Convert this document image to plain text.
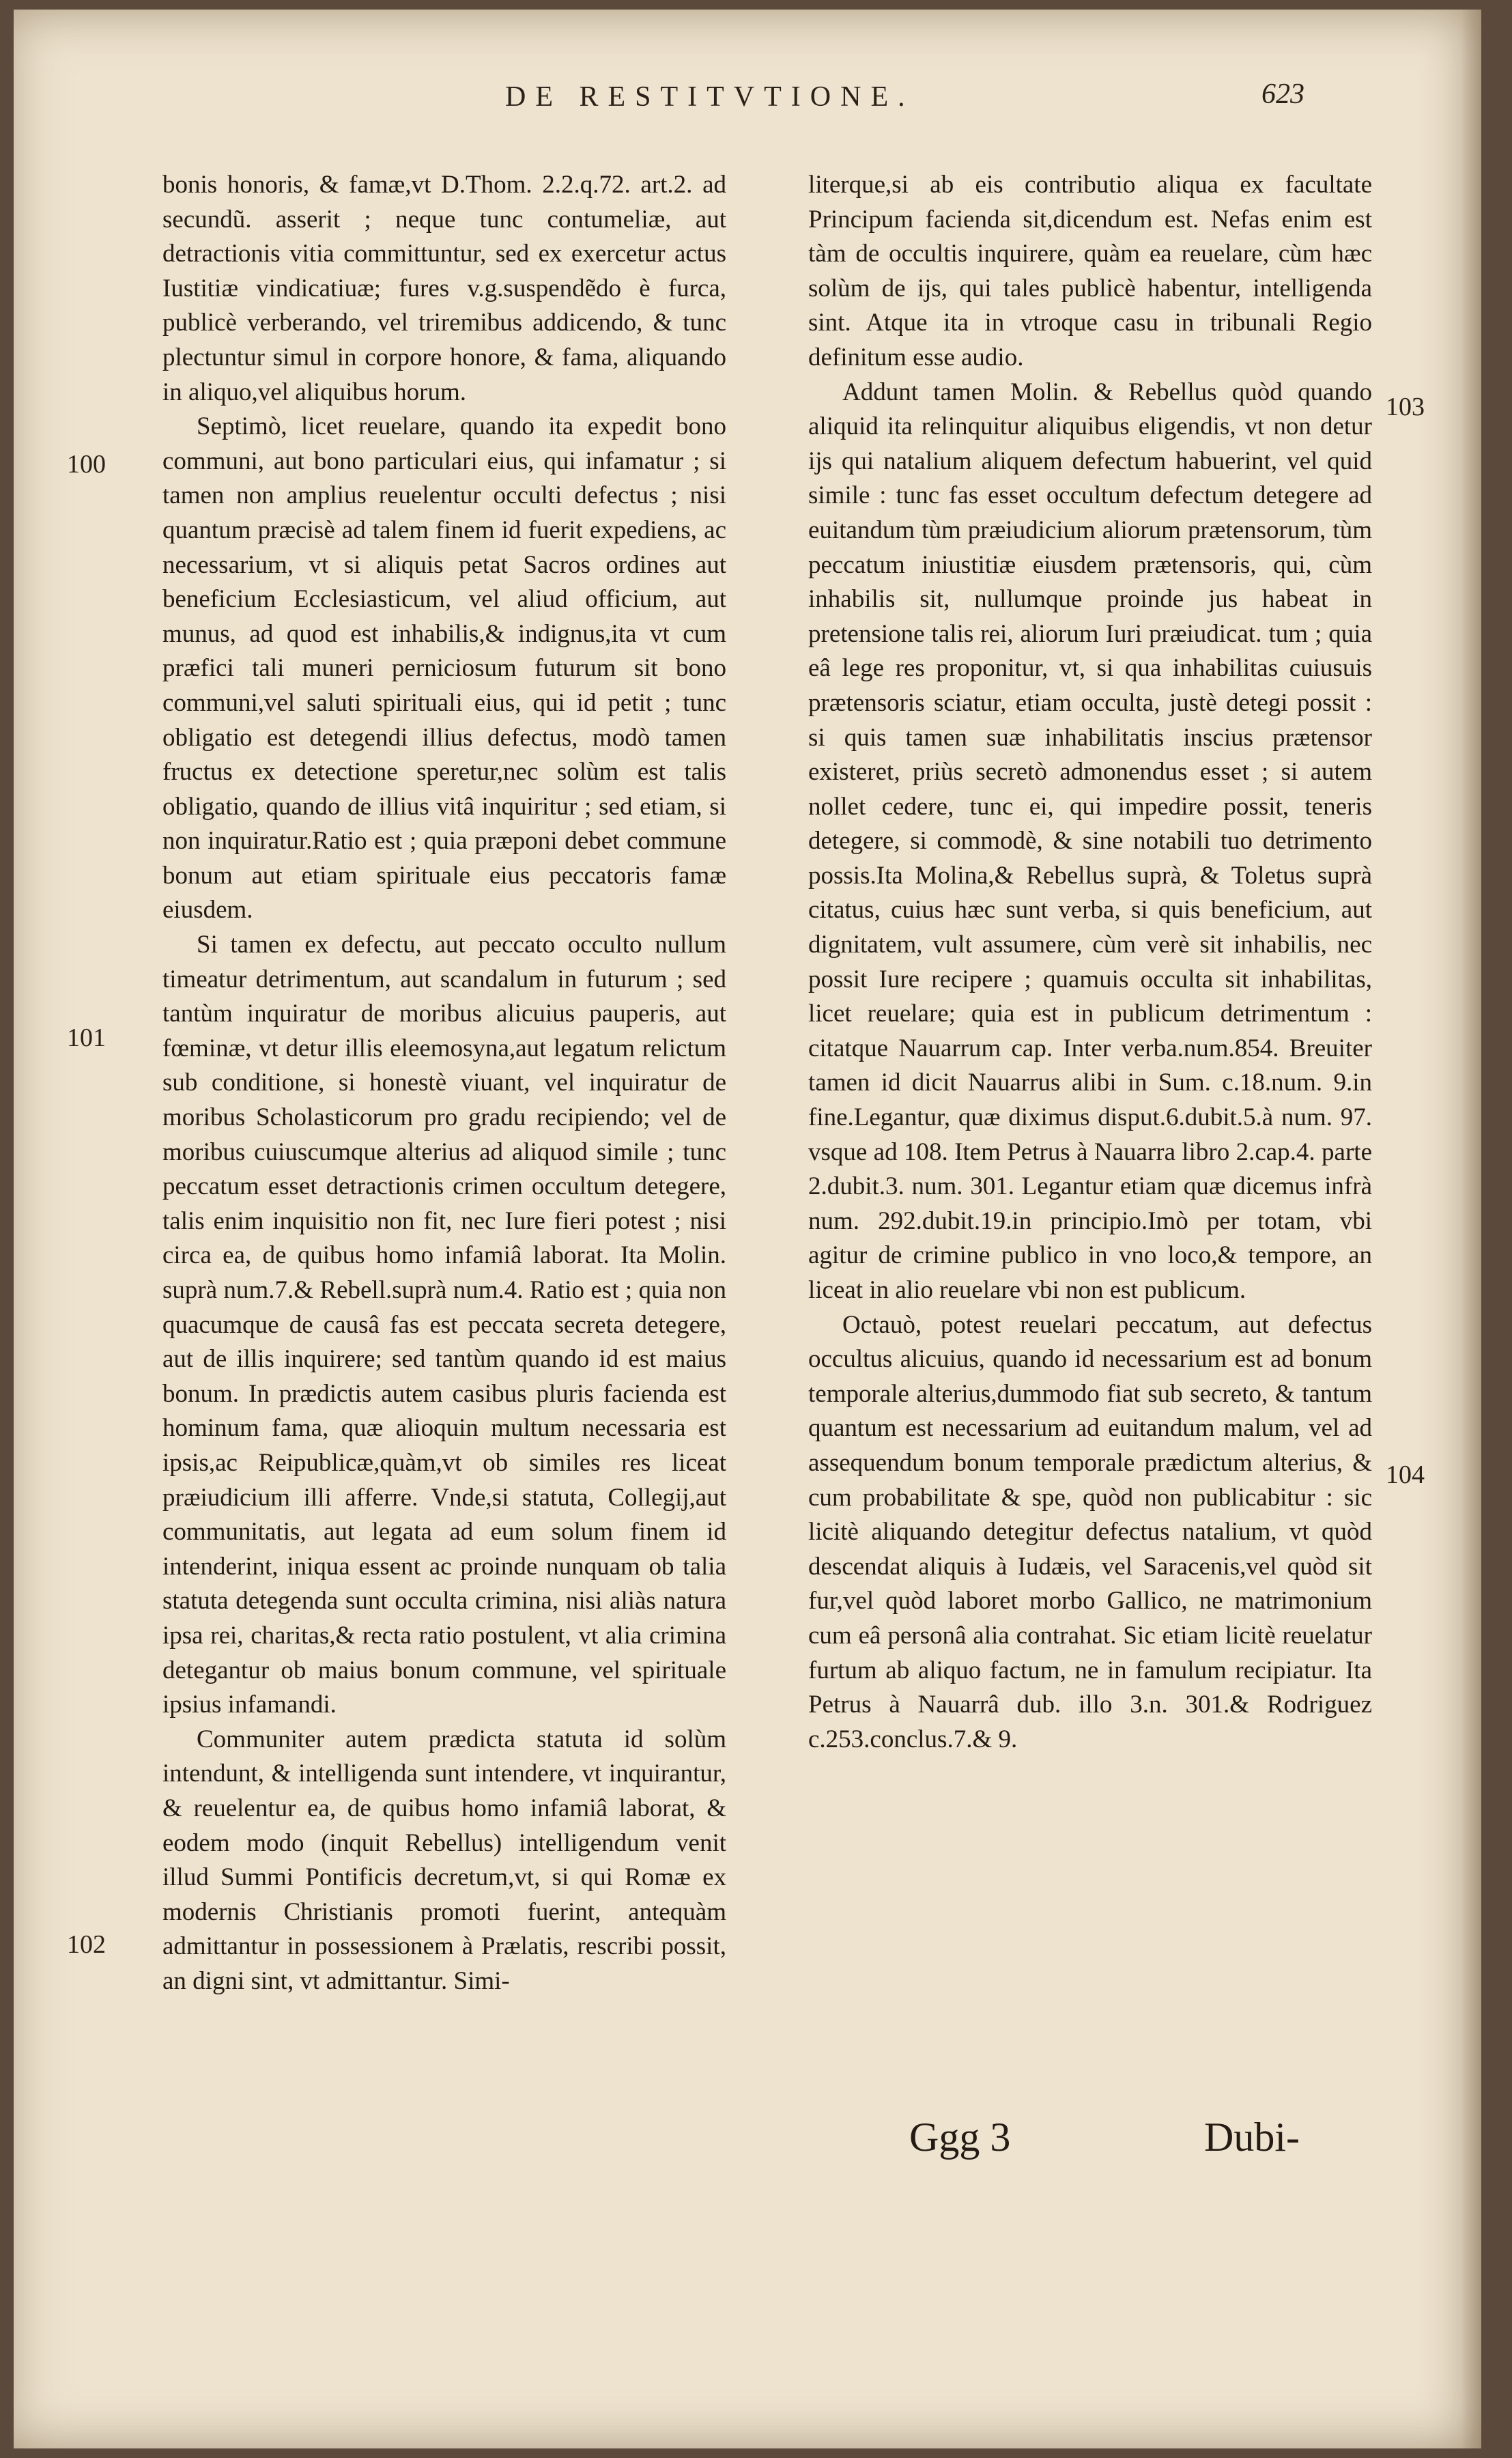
DE RESTITVTIONE.	623

bonis honoris, & famæ,vt D.Thom. 2.2.q.72. art.2. ad secundũ. asserit ; neque tunc contumeliæ, aut detractionis vitia committuntur, sed ex exercetur actus Iustitiæ vindicatiuæ; fures v.g.suspendẽdo è furca, publicè verberando, vel triremibus addicendo, & tunc plectuntur simul in corpore honore, & fama, aliquando in aliquo,vel aliquibus horum.

Septimò, licet reuelare, quando ita expedit bono communi, aut bono particulari eius, qui infamatur ; si tamen non amplius reuelentur occulti defectus ; nisi quantum præcisè ad talem finem id fuerit expediens, ac necessarium, vt si aliquis petat Sacros ordines aut beneficium Ecclesiasticum, vel aliud officium, aut munus, ad quod est inhabilis,& indignus,ita vt cum præfici tali muneri perniciosum futurum sit bono communi,vel saluti spirituali eius, qui id petit ; tunc obligatio est detegendi illius defectus, modò tamen fructus ex detectione speretur,nec solùm est talis obligatio, quando de illius vitâ inquiritur ; sed etiam, si non inquiratur.Ratio est ; quia præponi debet commune bonum aut etiam spirituale eius peccatoris famæ eiusdem.

Si tamen ex defectu, aut peccato occulto nullum timeatur detrimentum, aut scandalum in futurum ; sed tantùm inquiratur de moribus alicuius pauperis, aut fœminæ, vt detur illis eleemosyna,aut legatum relictum sub conditione, si honestè viuant, vel inquiratur de moribus Scholasticorum pro gradu recipiendo; vel de moribus cuiuscumque alterius ad aliquod simile ; tunc peccatum esset detractionis crimen occultum detegere, talis enim inquisitio non fit, nec Iure fieri potest ; nisi circa ea, de quibus homo infamiâ laborat. Ita Molin. suprà num.7.& Rebell.suprà num.4. Ratio est ; quia non quacumque de causâ fas est peccata secreta detegere, aut de illis inquirere; sed tantùm quando id est maius bonum. In prædictis autem casibus pluris facienda est hominum fama, quæ alioquin multum necessaria est ipsis,ac Reipublicæ,quàm,vt ob similes res liceat præiudicium illi afferre. Vnde,si statuta, Collegij,aut communitatis, aut legata ad eum solum finem id intenderint, iniqua essent ac proinde nunquam ob talia statuta detegenda sunt occulta crimina, nisi aliàs natura ipsa rei, charitas,& recta ratio postulent, vt alia crimina detegantur ob maius bonum commune, vel spirituale ipsius infamandi.

Communiter autem prædicta statuta id solùm intendunt, & intelligenda sunt intendere, vt inquirantur, & reuelentur ea, de quibus homo infamiâ laborat, & eodem modo (inquit Rebellus) intelligendum venit illud Summi Pontificis decretum,vt, si qui Romæ ex modernis Christianis promoti fuerint, antequàm admittantur in possessionem à Prælatis, rescribi possit, an digni sint, vt admittantur. Simi-

literque,si ab eis contributio aliqua ex facultate Principum facienda sit,dicendum est. Nefas enim est tàm de occultis inquirere, quàm ea reuelare, cùm hæc solùm de ijs, qui tales publicè habentur, intelligenda sint. Atque ita in vtroque casu in tribunali Regio definitum esse audio.

Addunt tamen Molin. & Rebellus quòd quando aliquid ita relinquitur aliquibus eligendis, vt non detur ijs qui natalium aliquem defectum habuerint, vel quid simile : tunc fas esset occultum defectum detegere ad euitandum tùm præiudicium aliorum prætensorum, tùm peccatum iniustitiæ eiusdem prætensoris, qui, cùm inhabilis sit, nullumque proinde jus habeat in pretensione talis rei, aliorum Iuri præiudicat. tum ; quia eâ lege res proponitur, vt, si qua inhabilitas cuiusuis prætensoris sciatur, etiam occulta, justè detegi possit : si quis tamen suæ inhabilitatis inscius prætensor existeret, priùs secretò admonendus esset ; si autem nollet cedere, tunc ei, qui impedire possit, teneris detegere, si commodè, & sine notabili tuo detrimento possis.Ita Molina,& Rebellus suprà, & Toletus suprà citatus, cuius hæc sunt verba, si quis beneficium, aut dignitatem, vult assumere, cùm verè sit inhabilis, nec possit Iure recipere ; quamuis occulta sit inhabilitas, licet reuelare; quia est in publicum detrimentum : citatque Nauarrum cap. Inter verba.num.854. Breuiter tamen id dicit Nauarrus alibi in Sum. c.18.num. 9.in fine.Legantur, quæ diximus disput.6.dubit.5.à num. 97. vsque ad 108. Item Petrus à Nauarra libro 2.cap.4. parte 2.dubit.3. num. 301. Legantur etiam quæ dicemus infrà num. 292.dubit.19.in principio.Imò per totam, vbi agitur de crimine publico in vno loco,& tempore, an liceat in alio reuelare vbi non est publicum.

Octauò, potest reuelari peccatum, aut defectus occultus alicuius, quando id necessarium est ad bonum temporale alterius,dummodo fiat sub secreto, & tantum quantum est necessarium ad euitandum malum, vel ad assequendum bonum temporale prædictum alterius, & cum probabilitate & spe, quòd non publicabitur : sic licitè aliquando detegitur defectus natalium, vt quòd descendat aliquis à Iudæis, vel Saracenis,vel quòd sit fur,vel quòd laboret morbo Gallico, ne matrimonium cum eâ personâ alia contrahat. Sic etiam licitè reuelatur furtum ab aliquo factum, ne in famulum recipiatur. Ita Petrus à Nauarrâ dub. illo 3.n. 301.& Rodriguez c.253.conclus.7.& 9.

100
101
102
103
104
Ggg 3	Dubi-
